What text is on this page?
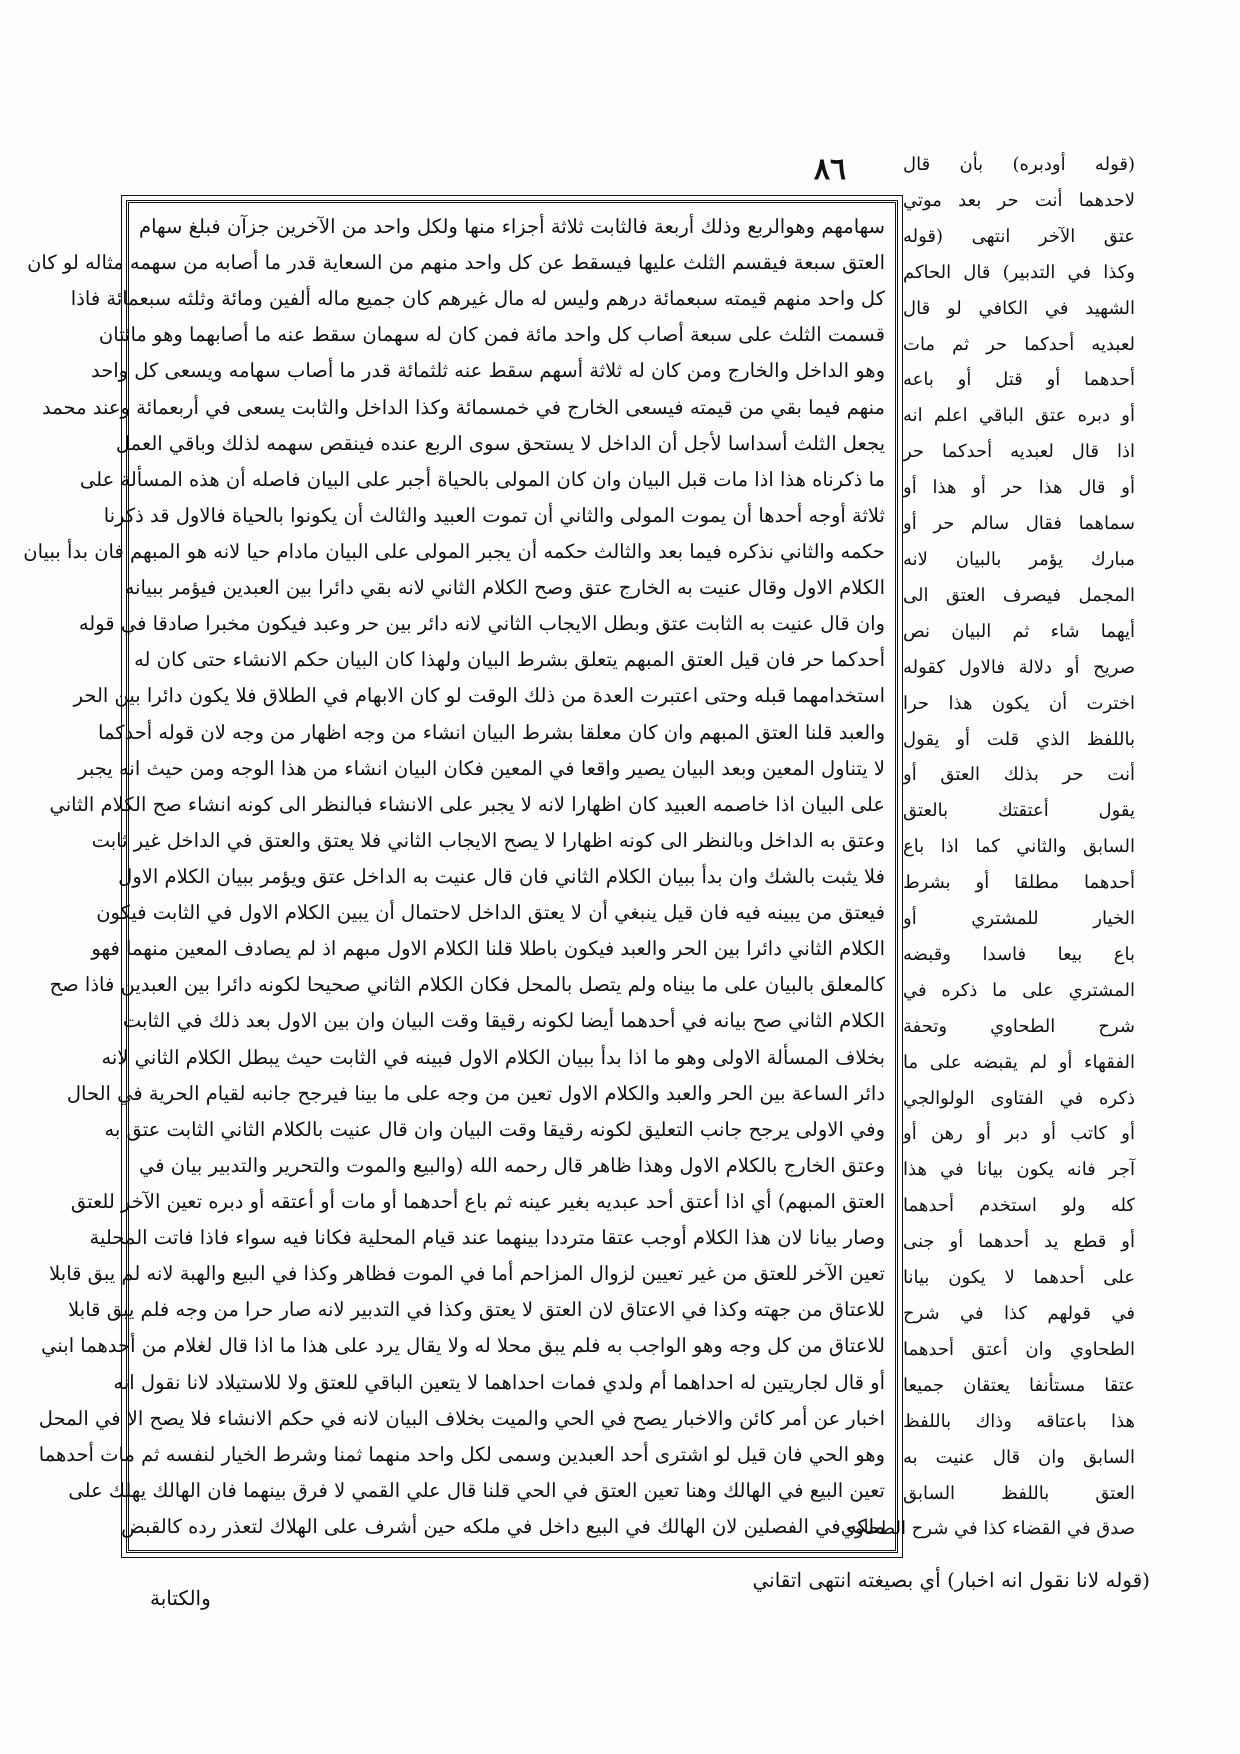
٨٦
سهامهم وهوالربع وذلك أربعة فالثابت ثلاثة أجزاء منها ولكل واحد من الآخرين جزآن فبلغ سهام
العتق سبعة فيقسم الثلث عليها فيسقط عن كل واحد منهم من السعاية قدر ما أصابه من سهمه مثاله لو كان
كل واحد منهم قيمته سبعمائة درهم وليس له مال غيرهم كان جميع ماله ألفين ومائة وثلثه سبعمائة فاذا
قسمت الثلث على سبعة أصاب كل واحد مائة فمن كان له سهمان سقط عنه ما أصابهما وهو مائتان
وهو الداخل والخارج ومن كان له ثلاثة أسهم سقط عنه ثلثمائة قدر ما أصاب سهامه ويسعى كل واحد
منهم فيما بقي من قيمته فيسعى الخارج في خمسمائة وكذا الداخل والثابت يسعى في أربعمائة وعند محمد
يجعل الثلث أسداسا لأجل أن الداخل لا يستحق سوى الربع عنده فينقص سهمه لذلك وباقي العمل
ما ذكرناه هذا اذا مات قبل البيان وان كان المولى بالحياة أجبر على البيان فاصله أن هذه المسألة على
ثلاثة أوجه أحدها أن يموت المولى والثاني أن تموت العبيد والثالث أن يكونوا بالحياة فالاول قد ذكرنا
حكمه والثاني نذكره فيما بعد والثالث حكمه أن يجبر المولى على البيان مادام حيا لانه هو المبهم فان بدأ ببيان
الكلام الاول وقال عنيت به الخارج عتق وصح الكلام الثاني لانه بقي دائرا بين العبدين فيؤمر ببيانه
وان قال عنيت به الثابت عتق وبطل الايجاب الثاني لانه دائر بين حر وعبد فيكون مخبرا صادقا في قوله
أحدكما حر فان قيل العتق المبهم يتعلق بشرط البيان ولهذا كان البيان حكم الانشاء حتى كان له
استخدامهما قبله وحتى اعتبرت العدة من ذلك الوقت لو كان الابهام في الطلاق فلا يكون دائرا بين الحر
والعبد قلنا العتق المبهم وان كان معلقا بشرط البيان انشاء من وجه اظهار من وجه لان قوله أحدكما
لا يتناول المعين وبعد البيان يصير واقعا في المعين فكان البيان انشاء من هذا الوجه ومن حيث انه يجبر
على البيان اذا خاصمه العبيد كان اظهارا لانه لا يجبر على الانشاء فبالنظر الى كونه انشاء صح الكلام الثاني
وعتق به الداخل وبالنظر الى كونه اظهارا لا يصح الايجاب الثاني فلا يعتق والعتق في الداخل غير ثابت
فلا يثبت بالشك وان بدأ ببيان الكلام الثاني فان قال عنيت به الداخل عتق ويؤمر ببيان الكلام الاول
فيعتق من يبينه فيه فان قيل ينبغي أن لا يعتق الداخل لاحتمال أن يبين الكلام الاول في الثابت فيكون
الكلام الثاني دائرا بين الحر والعبد فيكون باطلا قلنا الكلام الاول مبهم اذ لم يصادف المعين منهما فهو
كالمعلق بالبيان على ما بيناه ولم يتصل بالمحل فكان الكلام الثاني صحيحا لكونه دائرا بين العبدين فاذا صح
الكلام الثاني صح بيانه في أحدهما أيضا لكونه رقيقا وقت البيان وان بين الاول بعد ذلك في الثابت
بخلاف المسألة الاولى وهو ما اذا بدأ ببيان الكلام الاول فبينه في الثابت حيث يبطل الكلام الثاني لانه
دائر الساعة بين الحر والعبد والكلام الاول تعين من وجه على ما بينا فيرجح جانبه لقيام الحرية في الحال
وفي الاولى يرجح جانب التعليق لكونه رقيقا وقت البيان وان قال عنيت بالكلام الثاني الثابت عتق به
وعتق الخارج بالكلام الاول وهذا ظاهر قال رحمه الله (والبيع والموت والتحرير والتدبير بيان في
العتق المبهم) أي اذا أعتق أحد عبديه بغير عينه ثم باع أحدهما أو مات أو أعتقه أو دبره تعين الآخر للعتق
وصار بيانا لان هذا الكلام أوجب عتقا مترددا بينهما عند قيام المحلية فكانا فيه سواء فاذا فاتت المحلية
تعين الآخر للعتق من غير تعيين لزوال المزاحم أما في الموت فظاهر وكذا في البيع والهبة لانه لم يبق قابلا
للاعتاق من جهته وكذا في الاعتاق لان العتق لا يعتق وكذا في التدبير لانه صار حرا من وجه فلم يبق قابلا
للاعتاق من كل وجه وهو الواجب به فلم يبق محلا له ولا يقال يرد على هذا ما اذا قال لغلام من أحدهما ابني
أو قال لجاريتين له احداهما أم ولدي فمات احداهما لا يتعين الباقي للعتق ولا للاستيلاد لانا نقول انه
اخبار عن أمر كائن والاخبار يصح في الحي والميت بخلاف البيان لانه في حكم الانشاء فلا يصح الا في المحل
وهو الحي فان قيل لو اشترى أحد العبدين وسمى لكل واحد منهما ثمنا وشرط الخيار لنفسه ثم مات أحدهما
تعين البيع في الهالك وهنا تعين العتق في الحي قلنا قال علي القمي لا فرق بينهما فان الهالك يهلك على
ملكه في الفصلين لان الهالك في البيع داخل في ملكه حين أشرف على الهلاك لتعذر رده كالقبض
(قوله أودبره) بأن قال
لاحدهما أنت حر بعد موتي
عتق الآخر انتهى (قوله
وكذا في التدبير) قال الحاكم
الشهيد في الكافي لو قال
لعبديه أحدكما حر ثم مات
أحدهما أو قتل أو باعه
أو دبره عتق الباقي اعلم انه
اذا قال لعبديه أحدكما حر
أو قال هذا حر أو هذا أو
سماهما فقال سالم حر أو
مبارك يؤمر بالبيان لانه
المجمل فيصرف العتق الى
أيهما شاء ثم البيان نص
صريح أو دلالة فالاول كقوله
اخترت أن يكون هذا حرا
باللفظ الذي قلت أو يقول
أنت حر بذلك العتق أو
يقول أعتقتك بالعتق
السابق والثاني كما اذا باع
أحدهما مطلقا أو بشرط
الخيار للمشتري أو
باع بيعا فاسدا وقبضه
المشتري على ما ذكره في
شرح الطحاوي وتحفة
الفقهاء أو لم يقبضه على ما
ذكره في الفتاوى الولوالجي
أو كاتب أو دبر أو رهن أو
آجر فانه يكون بيانا في هذا
كله ولو استخدم أحدهما
أو قطع يد أحدهما أو جنى
على أحدهما لا يكون بيانا
في قولهم كذا في شرح
الطحاوي وان أعتق أحدهما
عتقا مستأنفا يعتقان جميعا
هذا باعتاقه وذاك باللفظ
السابق وان قال عنيت به
العتق باللفظ السابق
صدق في القضاء كذا في شرح الطحاوي
(قوله لانا نقول انه اخبار) أي بصيغته انتهى اتقاني
والكتابة
